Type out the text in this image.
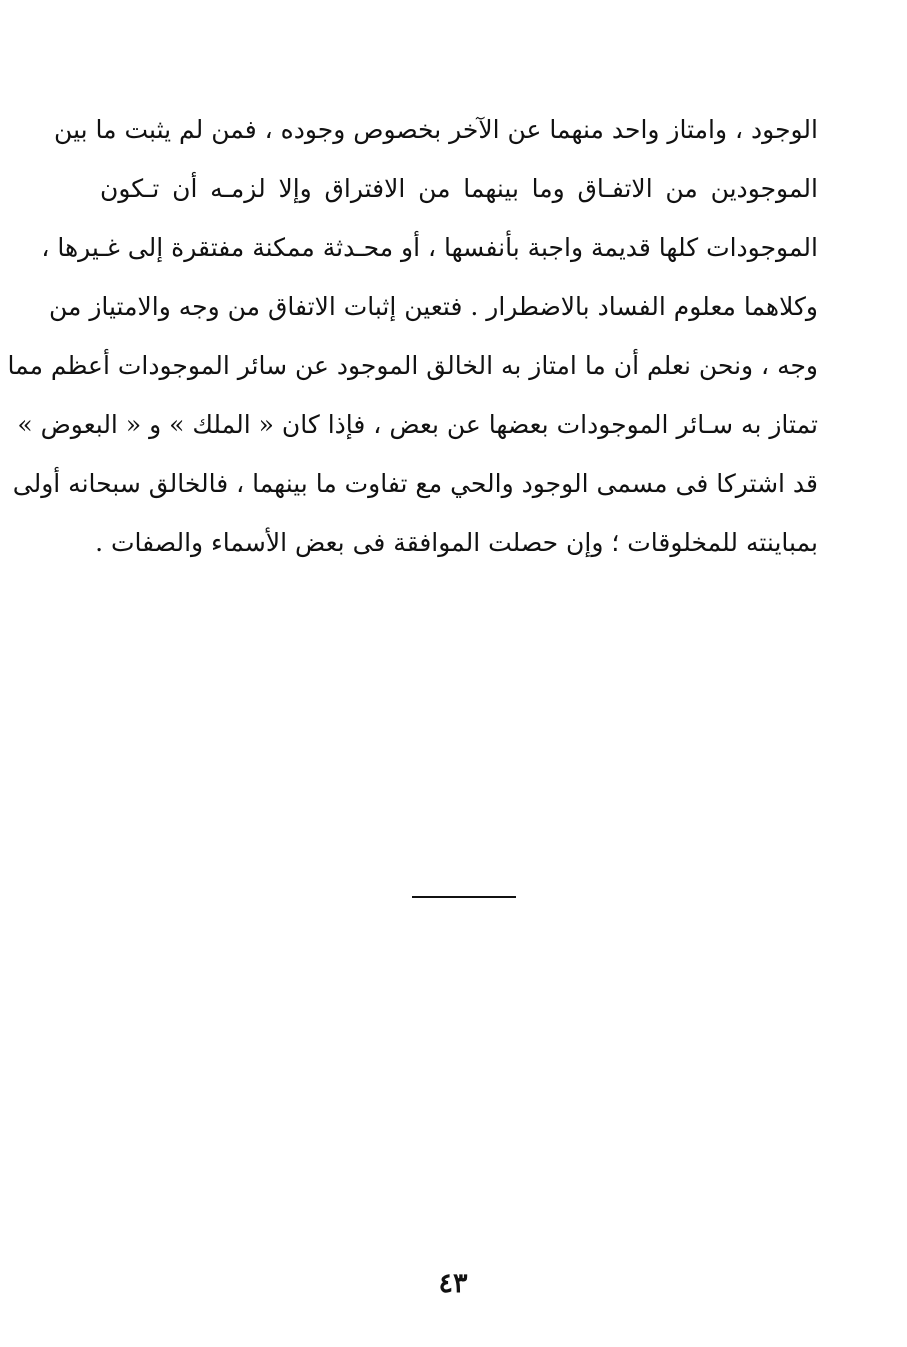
الوجود ، وامتاز واحد منهما عن الآخر بخصوص وجوده ، فمن لم يثبت ما بين
الموجودين من الاتفـاق وما بينهما من الافتراق وإلا لزمـه أن تـكون
الموجودات كلها قديمة واجبة بأنفسها ، أو محـدثة ممكنة مفتقرة إلى غـيرها ،
وكلاهما معلوم الفساد بالاضطرار . فتعين إثبات الاتفاق من وجه والامتياز من
وجه ، ونحن نعلم أن ما امتاز به الخالق الموجود عن سائر الموجودات أعظم مما
تمتاز به سـائر الموجودات بعضها عن بعض ، فإذا كان « الملك » و « البعوض »
قد اشتركا فى مسمى الوجود والحي مع تفاوت ما بينهما ، فالخالق سبحانه أولى
بمباينته للمخلوقات ؛ وإن حصلت الموافقة فى بعض الأسماء والصفات .
٤٣
